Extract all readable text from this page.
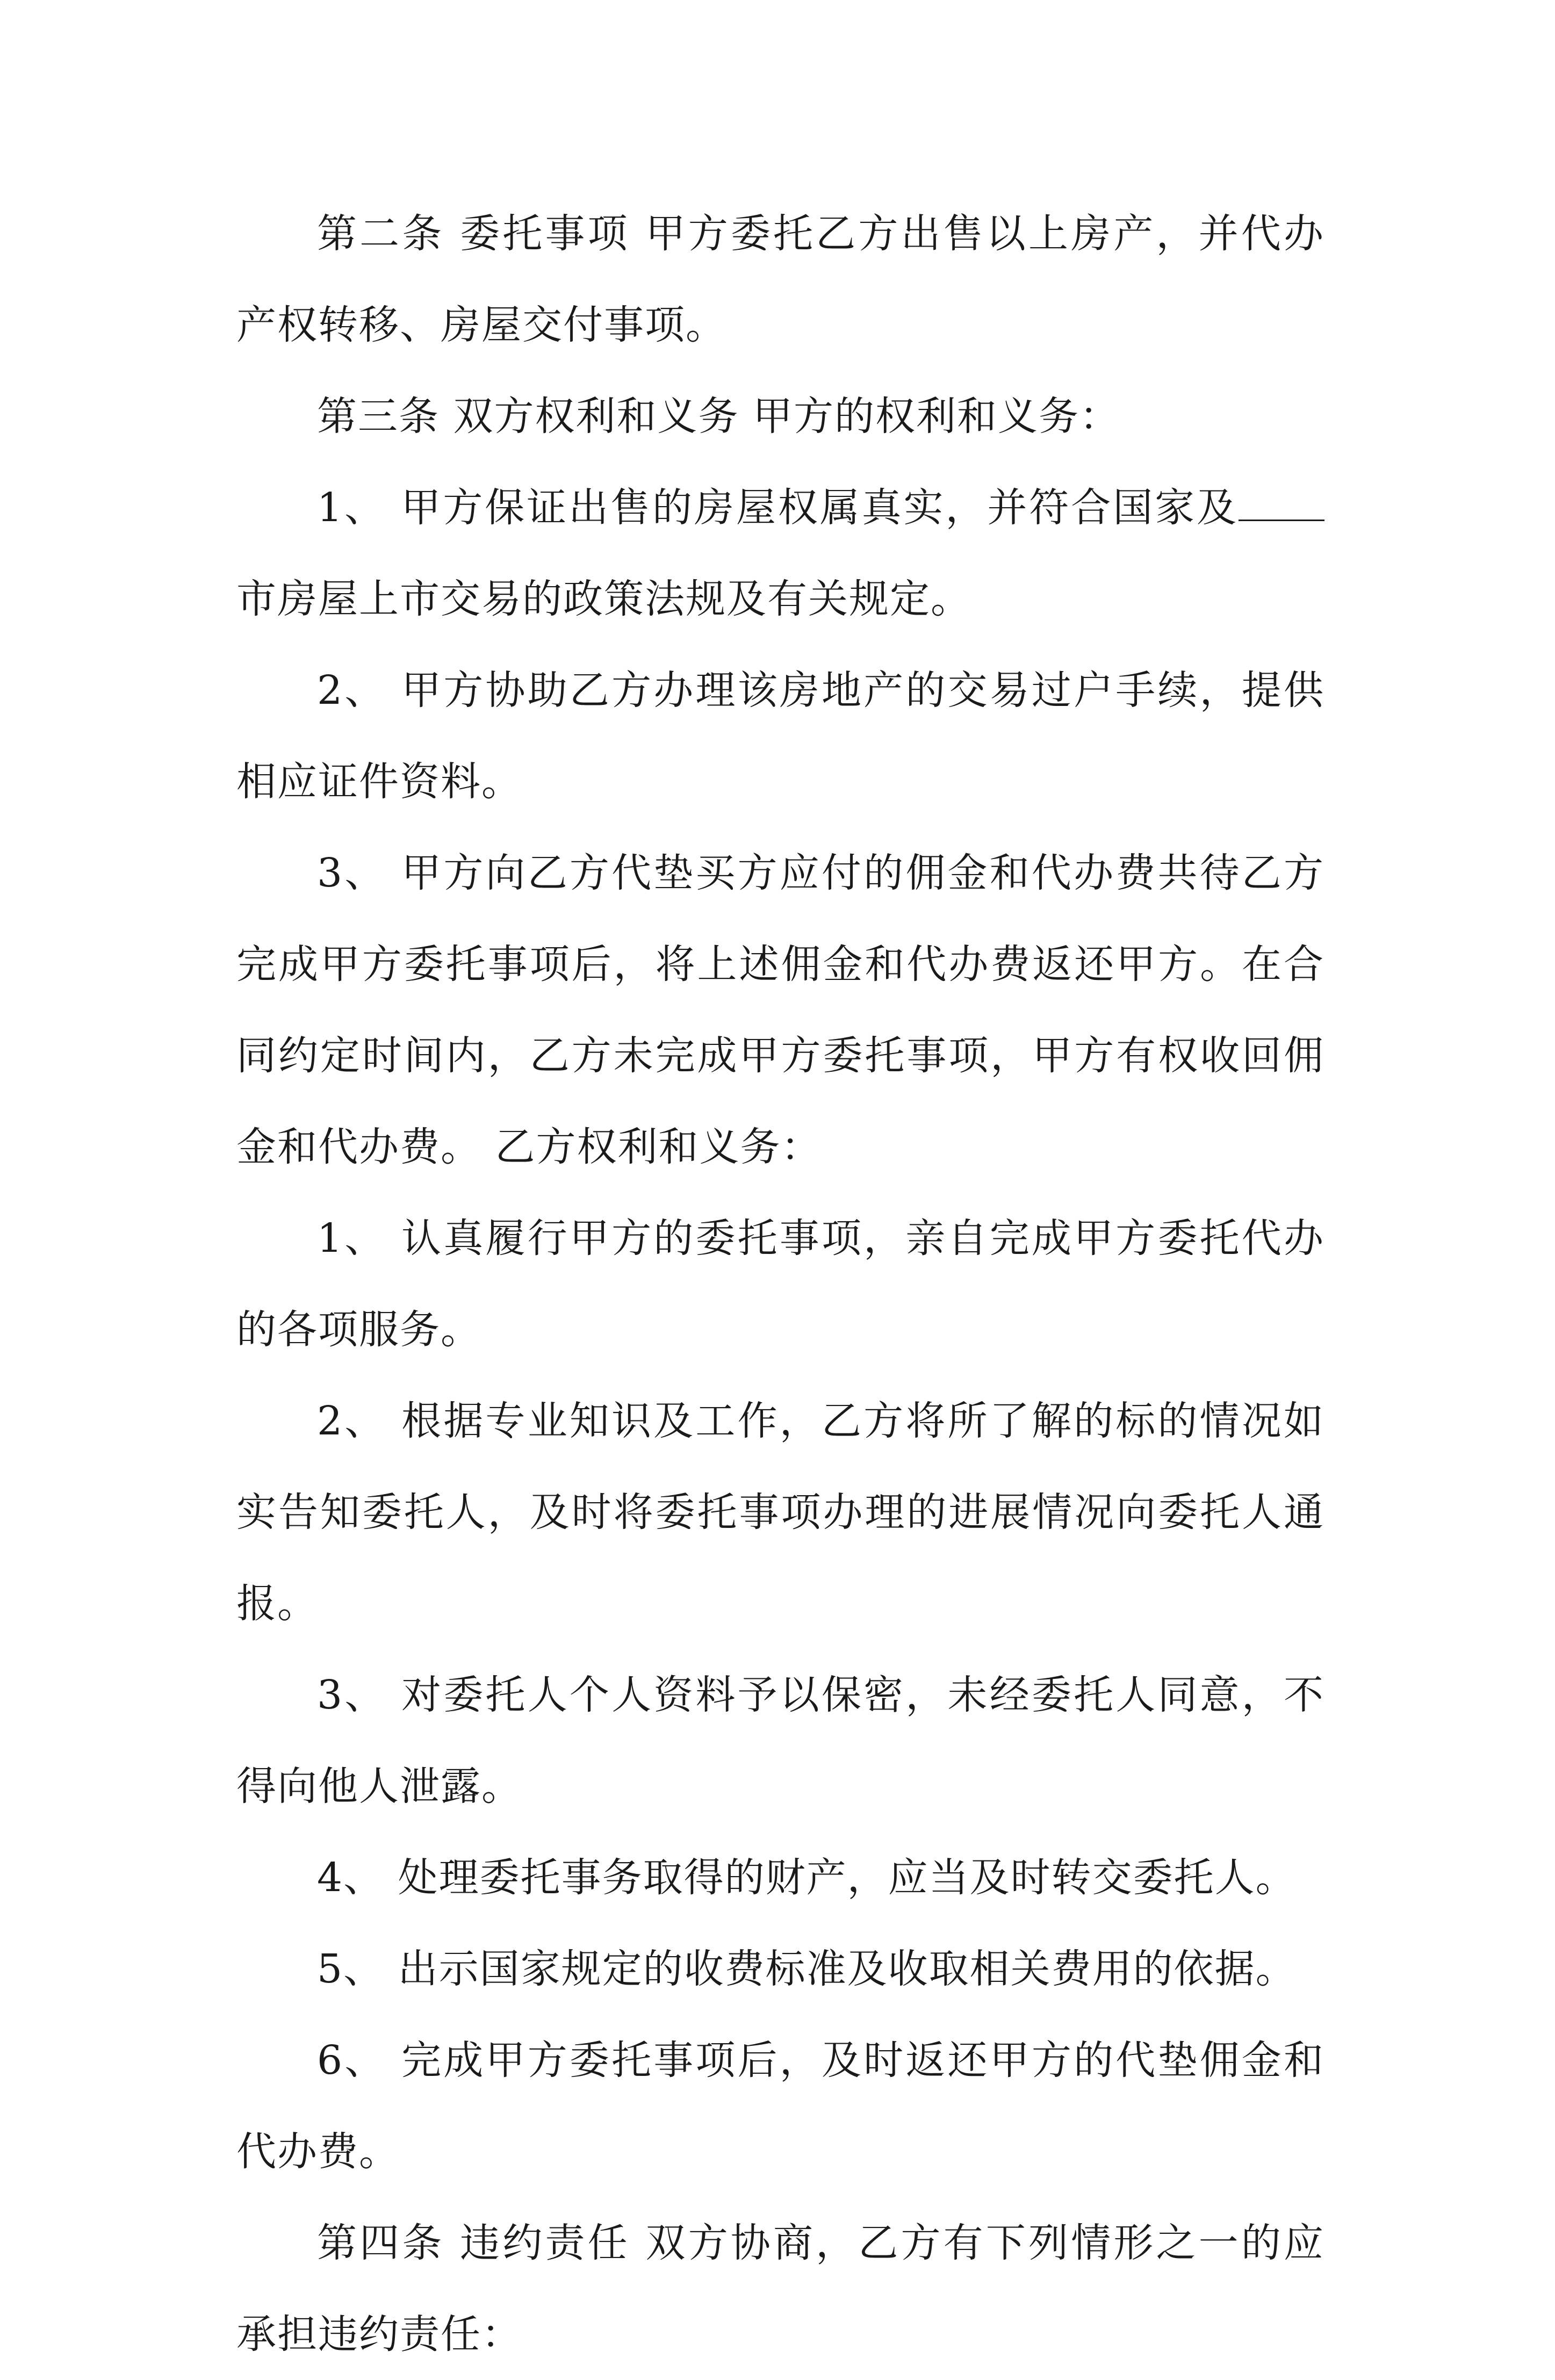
第二条 委托事项 甲方委托乙方出售以上房产，并代办产权转移、房屋交付事项。

第三条 双方权利和义务 甲方的权利和义务：

1、 甲方保证出售的房屋权属真实，并符合国家及市房屋上市交易的政策法规及有关规定。

2、 甲方协助乙方办理该房地产的交易过户手续，提供相应证件资料。

3、 甲方向乙方代垫买方应付的佣金和代办费共待乙方完成甲方委托事项后，将上述佣金和代办费返还甲方。在合同约定时间内，乙方未完成甲方委托事项，甲方有权收回佣金和代办费。 乙方权利和义务：

1、 认真履行甲方的委托事项，亲自完成甲方委托代办的各项服务。

2、 根据专业知识及工作，乙方将所了解的标的情况如实告知委托人，及时将委托事项办理的进展情况向委托人通报。

3、 对委托人个人资料予以保密，未经委托人同意，不得向他人泄露。

4、 处理委托事务取得的财产，应当及时转交委托人。

5、 出示国家规定的收费标准及收取相关费用的依据。

6、 完成甲方委托事项后，及时返还甲方的代垫佣金和代办费。

第四条 违约责任 双方协商，乙方有下列情形之一的应承担违约责任：
